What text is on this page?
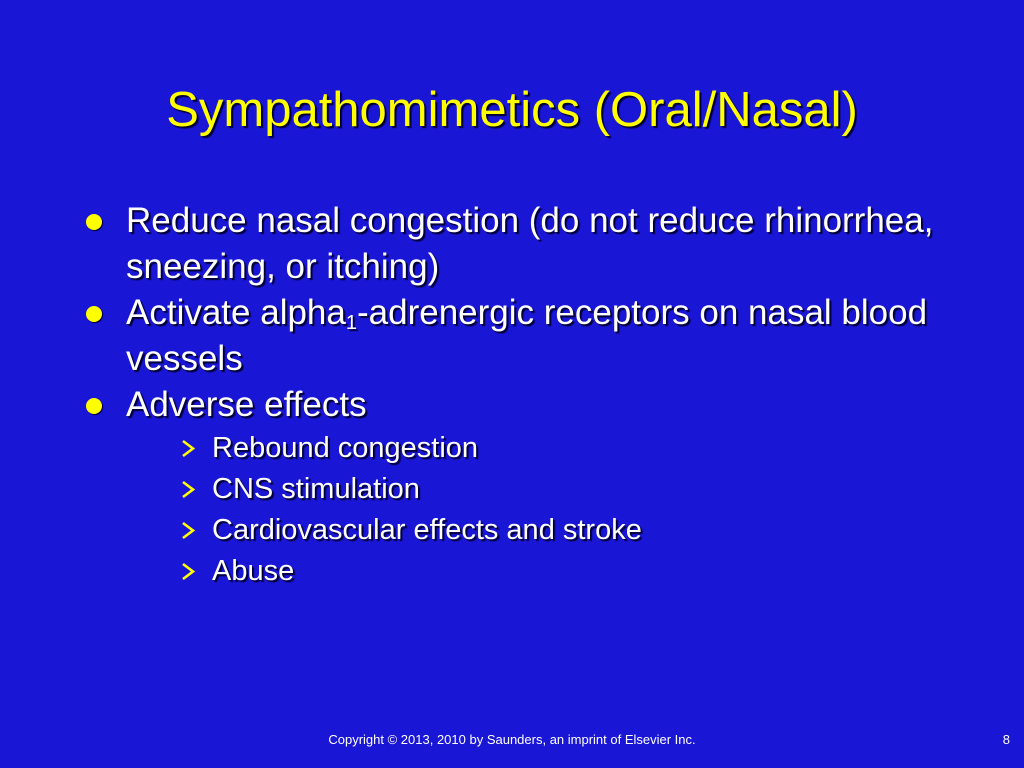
Sympathomimetics (Oral/Nasal)
Reduce nasal congestion (do not reduce rhinorrhea, sneezing, or itching)
Activate alpha$_1$-adrenergic receptors on nasal blood vessels
Adverse effects
Rebound congestion
CNS stimulation
Cardiovascular effects and stroke
Abuse
Copyright © 2013, 2010 by Saunders, an imprint of Elsevier Inc.	8
